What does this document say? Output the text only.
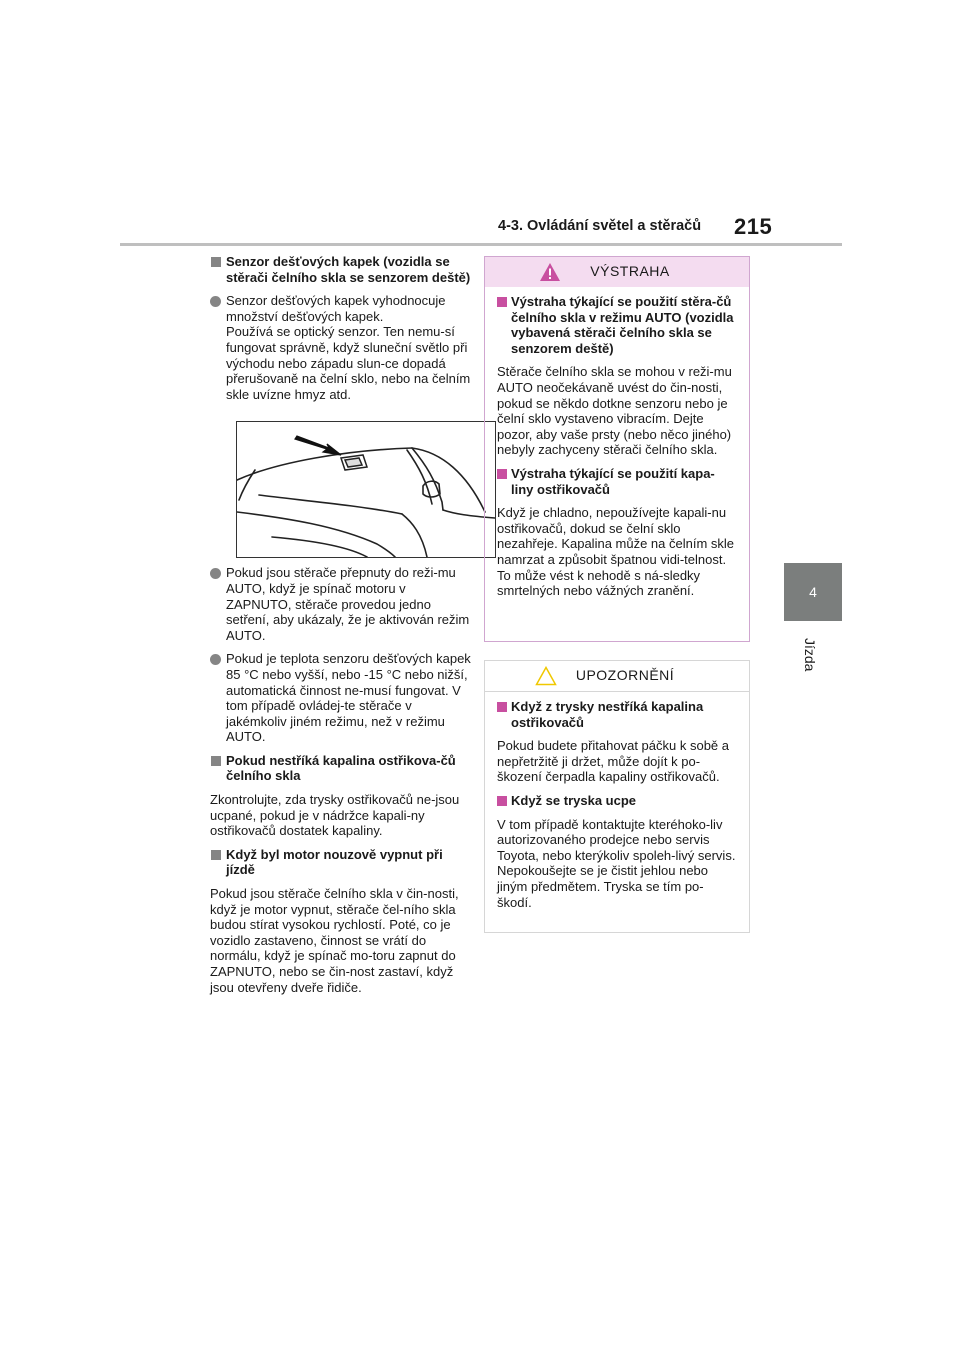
4-3. Ovládání světel a stěračů 215
4
Jízda
Senzor dešťových kapek (vozidla se stěrači čelního skla se senzorem deště)
Senzor dešťových kapek vyhodnocuje množství dešťových kapek.
Používá se optický senzor. Ten nemu-sí fungovat správně, když sluneční světlo při východu nebo západu slun-ce dopadá přerušovaně na čelní sklo, nebo na čelním skle uvízne hmyz atd.
Pokud jsou stěrače přepnuty do reži-mu AUTO, když je spínač motoru v ZAPNUTO, stěrače provedou jedno setření, aby ukázaly, že je aktivován režim AUTO.
Pokud je teplota senzoru dešťových kapek 85 °C nebo vyšší, nebo -15 °C nebo nižší, automatická činnost ne-musí fungovat. V tom případě ovládej-te stěrače v jakémkoliv jiném režimu, než v režimu AUTO.
Pokud nestříká kapalina ostřikova-čů čelního skla
Zkontrolujte, zda trysky ostřikovačů ne-jsou ucpané, pokud je v nádržce kapali-ny ostřikovačů dostatek kapaliny.
Když byl motor nouzově vypnut při jízdě
Pokud jsou stěrače čelního skla v čin-nosti, když je motor vypnut, stěrače čel-ního skla budou stírat vysokou rychlostí. Poté, co je vozidlo zastaveno, činnost se vrátí do normálu, když je spínač mo-toru zapnut do ZAPNUTO, nebo se čin-nost zastaví, když jsou otevřeny dveře řidiče.
VÝSTRAHA
Výstraha týkající se použití stěra-čů čelního skla v režimu AUTO (vozidla vybavená stěrači čelního skla se senzorem deště)
Stěrače čelního skla se mohou v reži-mu AUTO neočekávaně uvést do čin-nosti, pokud se někdo dotkne senzoru nebo je čelní sklo vystaveno vibracím. Dejte pozor, aby vaše prsty (nebo něco jiného) nebyly zachyceny stěrači čelního skla.
Výstraha týkající se použití kapa-liny ostřikovačů
Když je chladno, nepoužívejte kapali-nu ostřikovačů, dokud se čelní sklo nezahřeje. Kapalina může na čelním skle namrzat a způsobit špatnou vidi-telnost. To může vést k nehodě s ná-sledky smrtelných nebo vážných zranění.
UPOZORNĚNÍ
Když z trysky nestříká kapalina ostřikovačů
Pokud budete přitahovat páčku k sobě a nepřetržitě ji držet, může dojít k po-škození čerpadla kapaliny ostřikovačů.
Když se tryska ucpe
V tom případě kontaktujte kteréhoko-liv autorizovaného prodejce nebo servis Toyota, nebo kterýkoliv spoleh-livý servis.
Nepokoušejte se je čistit jehlou nebo jiným předmětem. Tryska se tím po-škodí.
